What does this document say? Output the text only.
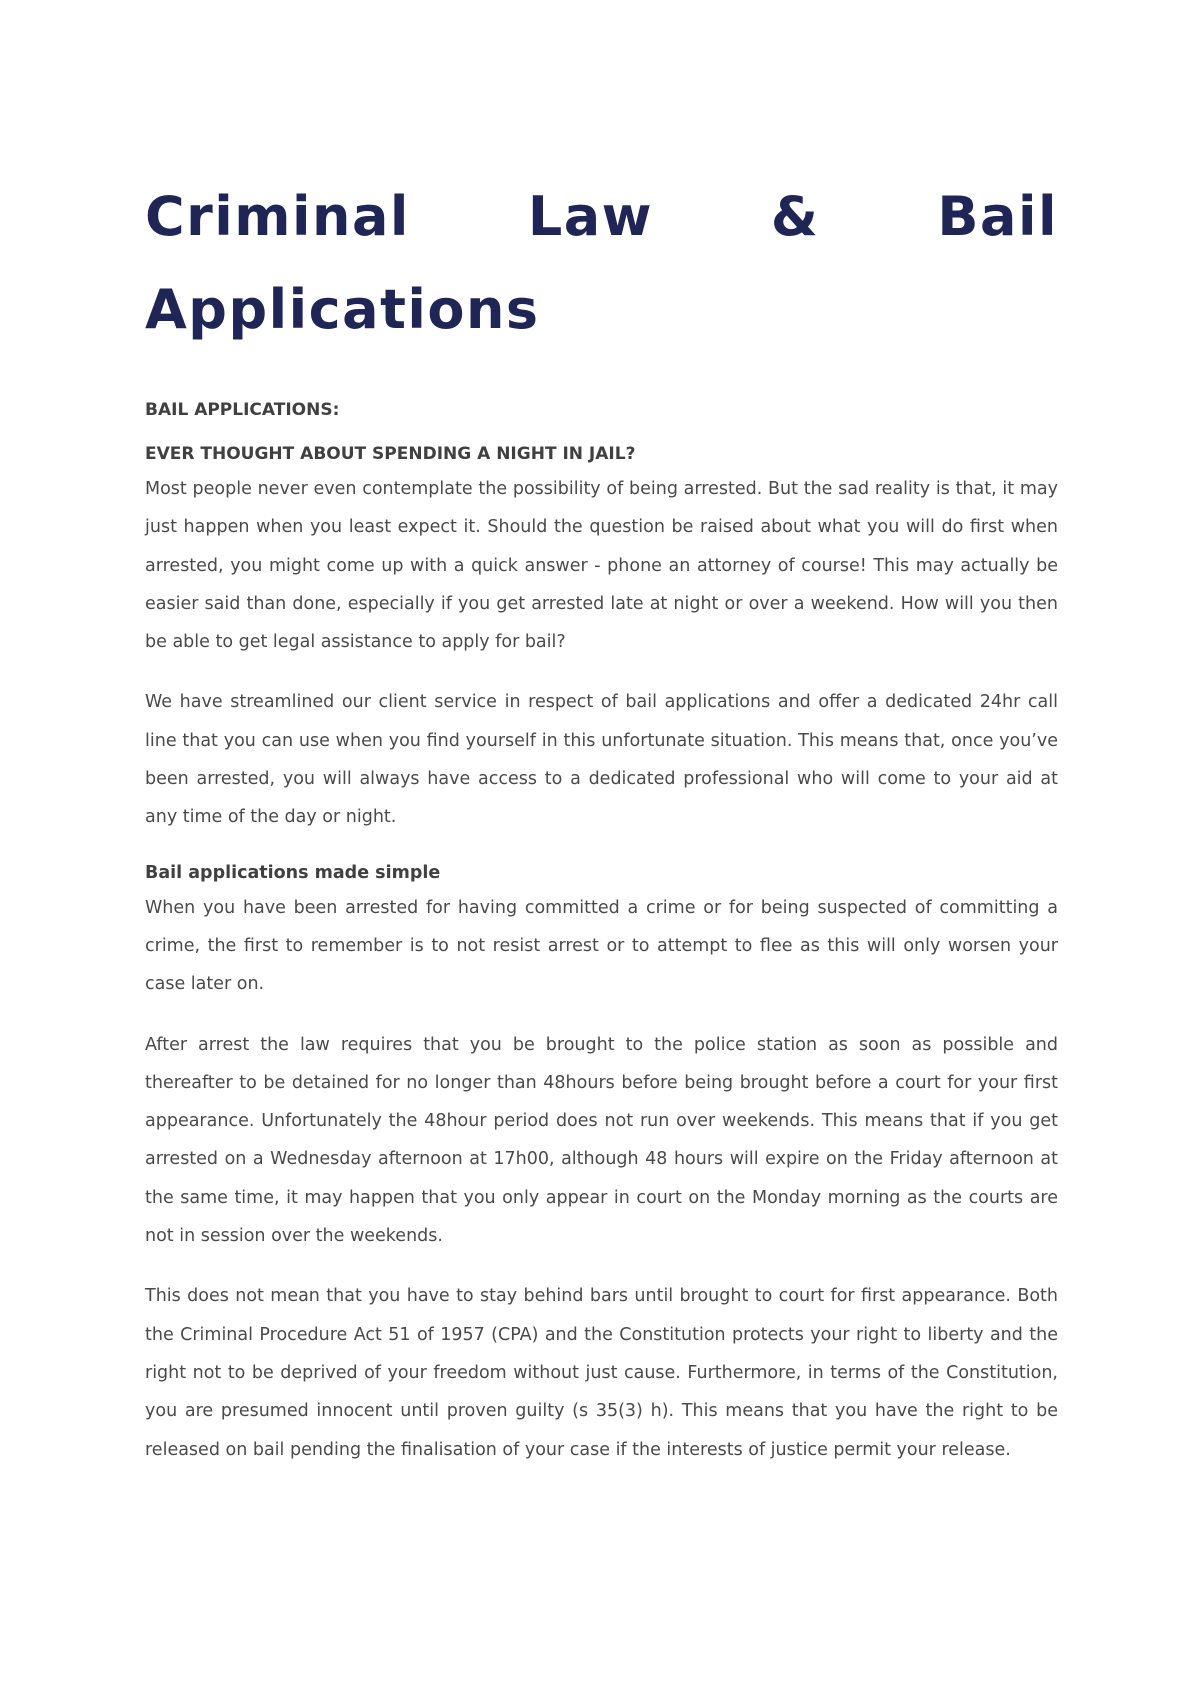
Criminal Law & Bail
Applications
BAIL APPLICATIONS:
EVER THOUGHT ABOUT SPENDING A NIGHT IN JAIL?

Most people never even contemplate the possibility of being arrested. But the sad reality is that, it may just happen when you least expect it. Should the question be raised about what you will do first when arrested, you might come up with a quick answer - phone an attorney of course! This may actually be easier said than done, especially if you get arrested late at night or over a weekend. How will you then be able to get legal assistance to apply for bail?

We have streamlined our client service in respect of bail applications and offer a dedicated 24hr call line that you can use when you find yourself in this unfortunate situation. This means that, once you’ve been arrested, you will always have access to a dedicated professional who will come to your aid at any time of the day or night.

Bail applications made simple

When you have been arrested for having committed a crime or for being suspected of committing a crime, the first to remember is to not resist arrest or to attempt to flee as this will only worsen your case later on.

After arrest the law requires that you be brought to the police station as soon as possible and thereafter to be detained for no longer than 48hours before being brought before a court for your first appearance. Unfortunately the 48hour period does not run over weekends. This means that if you get arrested on a Wednesday afternoon at 17h00, although 48 hours will expire on the Friday afternoon at the same time, it may happen that you only appear in court on the Monday morning as the courts are not in session over the weekends.

This does not mean that you have to stay behind bars until brought to court for first appearance. Both the Criminal Procedure Act 51 of 1957 (CPA) and the Constitution protects your right to liberty and the right not to be deprived of your freedom without just cause. Furthermore, in terms of the Constitution, you are presumed innocent until proven guilty (s 35(3) h). This means that you have the right to be released on bail pending the finalisation of your case if the interests of justice permit your release.
